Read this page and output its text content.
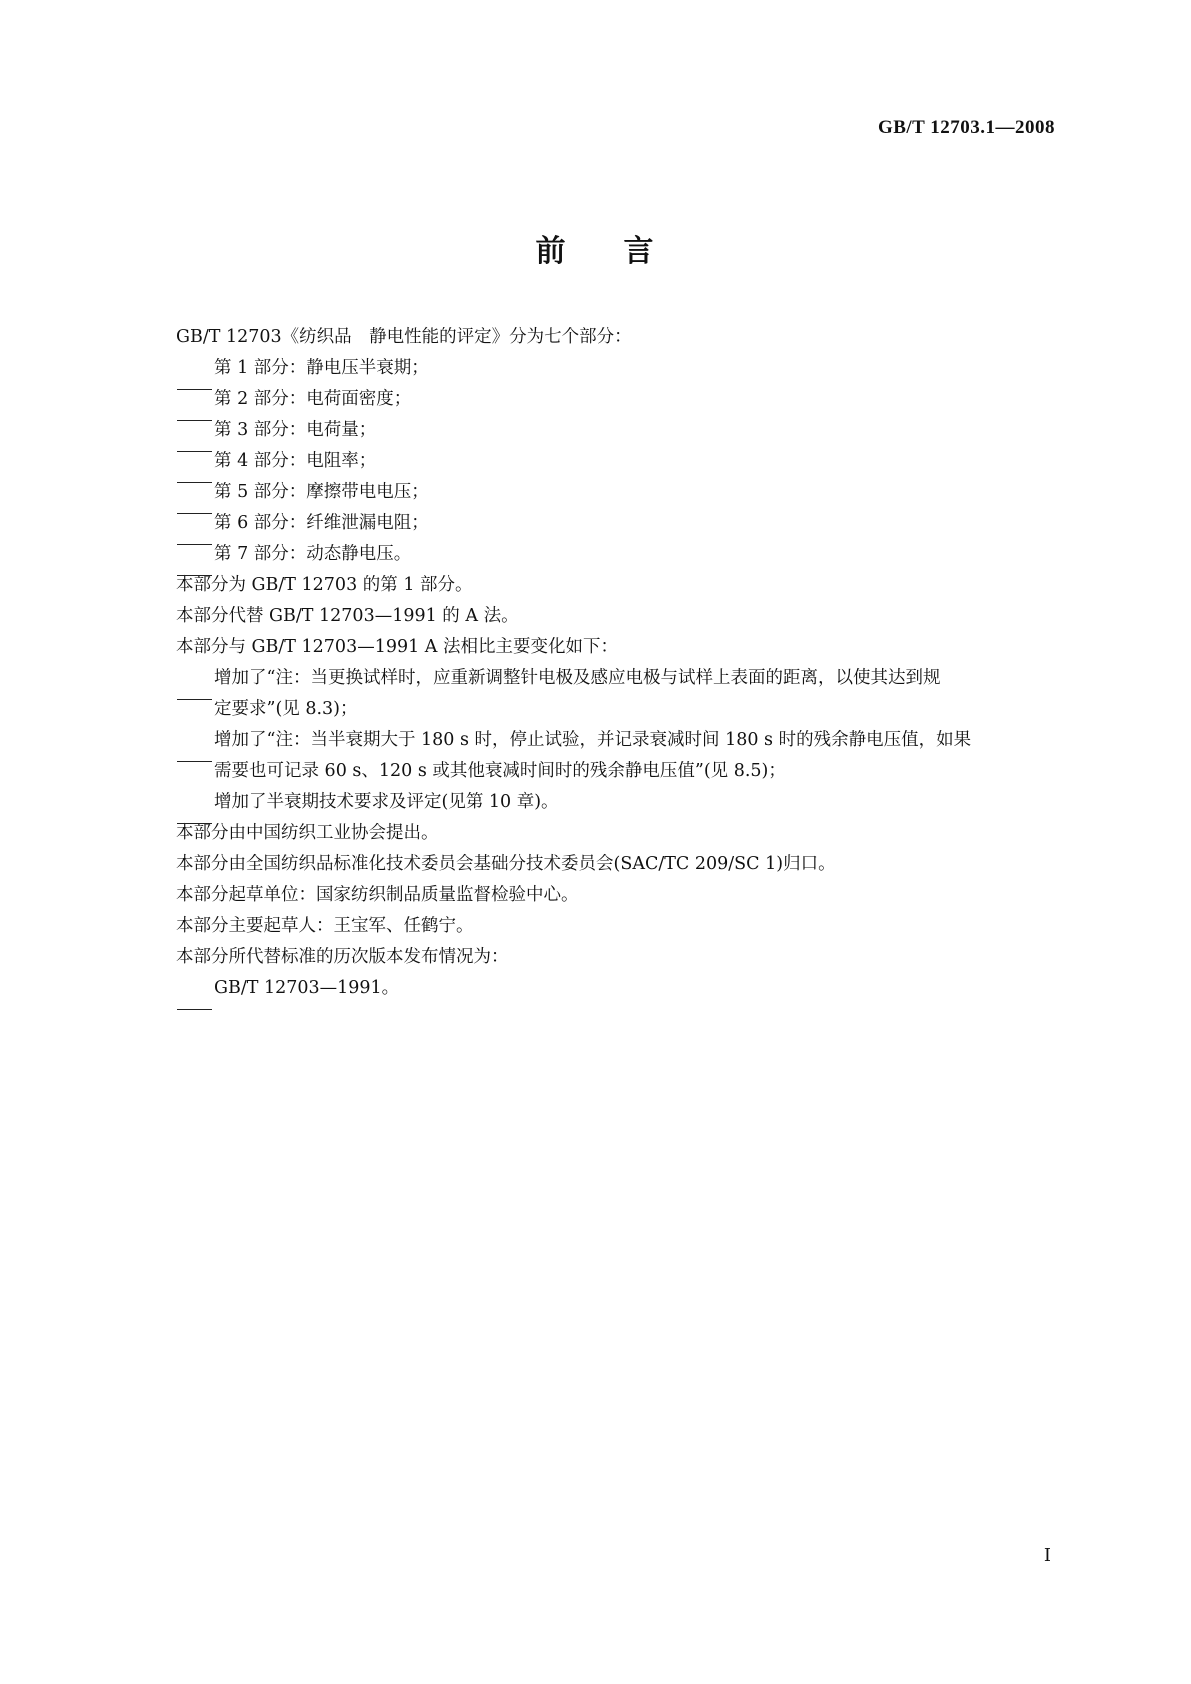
GB/T 12703.1—2008
前 言
GB/T 12703《纺织品　静电性能的评定》分为七个部分：
第 1 部分：静电压半衰期；
第 2 部分：电荷面密度；
第 3 部分：电荷量；
第 4 部分：电阻率；
第 5 部分：摩擦带电电压；
第 6 部分：纤维泄漏电阻；
第 7 部分：动态静电压。
本部分为 GB/T 12703 的第 1 部分。
本部分代替 GB/T 12703—1991 的 A 法。
本部分与 GB/T 12703—1991 A 法相比主要变化如下：
增加了“注：当更换试样时，应重新调整针电极及感应电极与试样上表面的距离，以使其达到规
定要求”(见 8.3)；
增加了“注：当半衰期大于 180 s 时，停止试验，并记录衰减时间 180 s 时的残余静电压值，如果
需要也可记录 60 s、120 s 或其他衰减时间时的残余静电压值”(见 8.5)；
增加了半衰期技术要求及评定(见第 10 章)。
本部分由中国纺织工业协会提出。
本部分由全国纺织品标准化技术委员会基础分技术委员会(SAC/TC 209/SC 1)归口。
本部分起草单位：国家纺织制品质量监督检验中心。
本部分主要起草人：王宝军、任鹤宁。
本部分所代替标准的历次版本发布情况为：
GB/T 12703—1991。
Ⅰ
